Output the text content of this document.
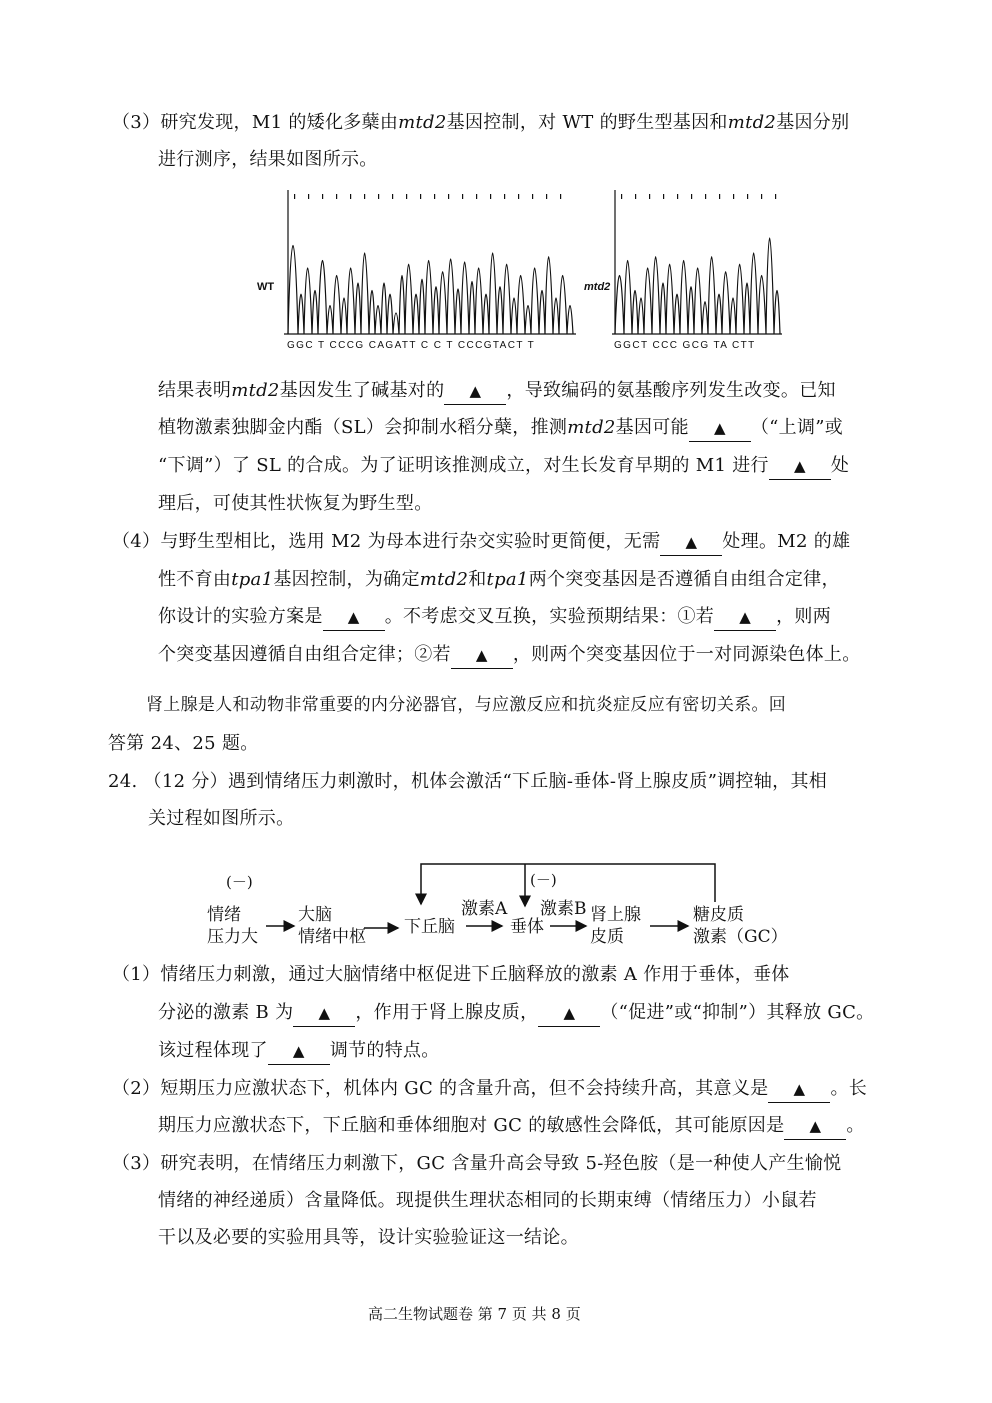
（3）研究发现，M1 的矮化多蘖由mtd2基因控制，对 WT 的野生型基因和mtd2基因分别
进行测序，结果如图所示。
WT
GGC T CCCG CAGATT C C T CCCGTACT T
mtd2
GGCT CCC GCG TA CTT
结果表明mtd2基因发生了碱基对的 ▲ ，导致编码的氨基酸序列发生改变。已知
植物激素独脚金内酯（SL）会抑制水稻分蘖，推测mtd2基因可能 ▲ （“上调”或
“下调”）了 SL 的合成。为了证明该推测成立，对生长发育早期的 M1 进行 ▲ 处
理后，可使其性状恢复为野生型。
（4）与野生型相比，选用 M2 为母本进行杂交实验时更简便，无需 ▲ 处理。M2 的雄
性不育由tpa1基因控制，为确定mtd2和tpa1两个突变基因是否遵循自由组合定律，
你设计的实验方案是 ▲ 。不考虑交叉互换，实验预期结果：①若 ▲ ，则两
个突变基因遵循自由组合定律；②若 ▲ ，则两个突变基因位于一对同源染色体上。
肾上腺是人和动物非常重要的内分泌器官，与应激反应和抗炎症反应有密切关系。回
答第 24、25 题。
24. （12 分）遇到情绪压力刺激时，机体会激活“下丘脑-垂体-肾上腺皮质”调控轴，其相
关过程如图所示。
(－)	(－)
情绪
压力大
大脑
情绪中枢 下丘脑
激素A
垂体
激素B 肾上腺
皮质
糖皮质
激素（GC）
（1）情绪压力刺激，通过大脑情绪中枢促进下丘脑释放的激素 A 作用于垂体，垂体
分泌的激素 B 为 ▲ ，作用于肾上腺皮质， ▲ （“促进”或“抑制”）其释放 GC。
该过程体现了 ▲ 调节的特点。
（2）短期压力应激状态下，机体内 GC 的含量升高，但不会持续升高，其意义是 ▲ 。长
期压力应激状态下，下丘脑和垂体细胞对 GC 的敏感性会降低，其可能原因是 ▲ 。
（3）研究表明，在情绪压力刺激下，GC 含量升高会导致 5-羟色胺（是一种使人产生愉悦
情绪的神经递质）含量降低。现提供生理状态相同的长期束缚（情绪压力）小鼠若
干以及必要的实验用具等，设计实验验证这一结论。
高二生物试题卷 第 7 页 共 8 页
